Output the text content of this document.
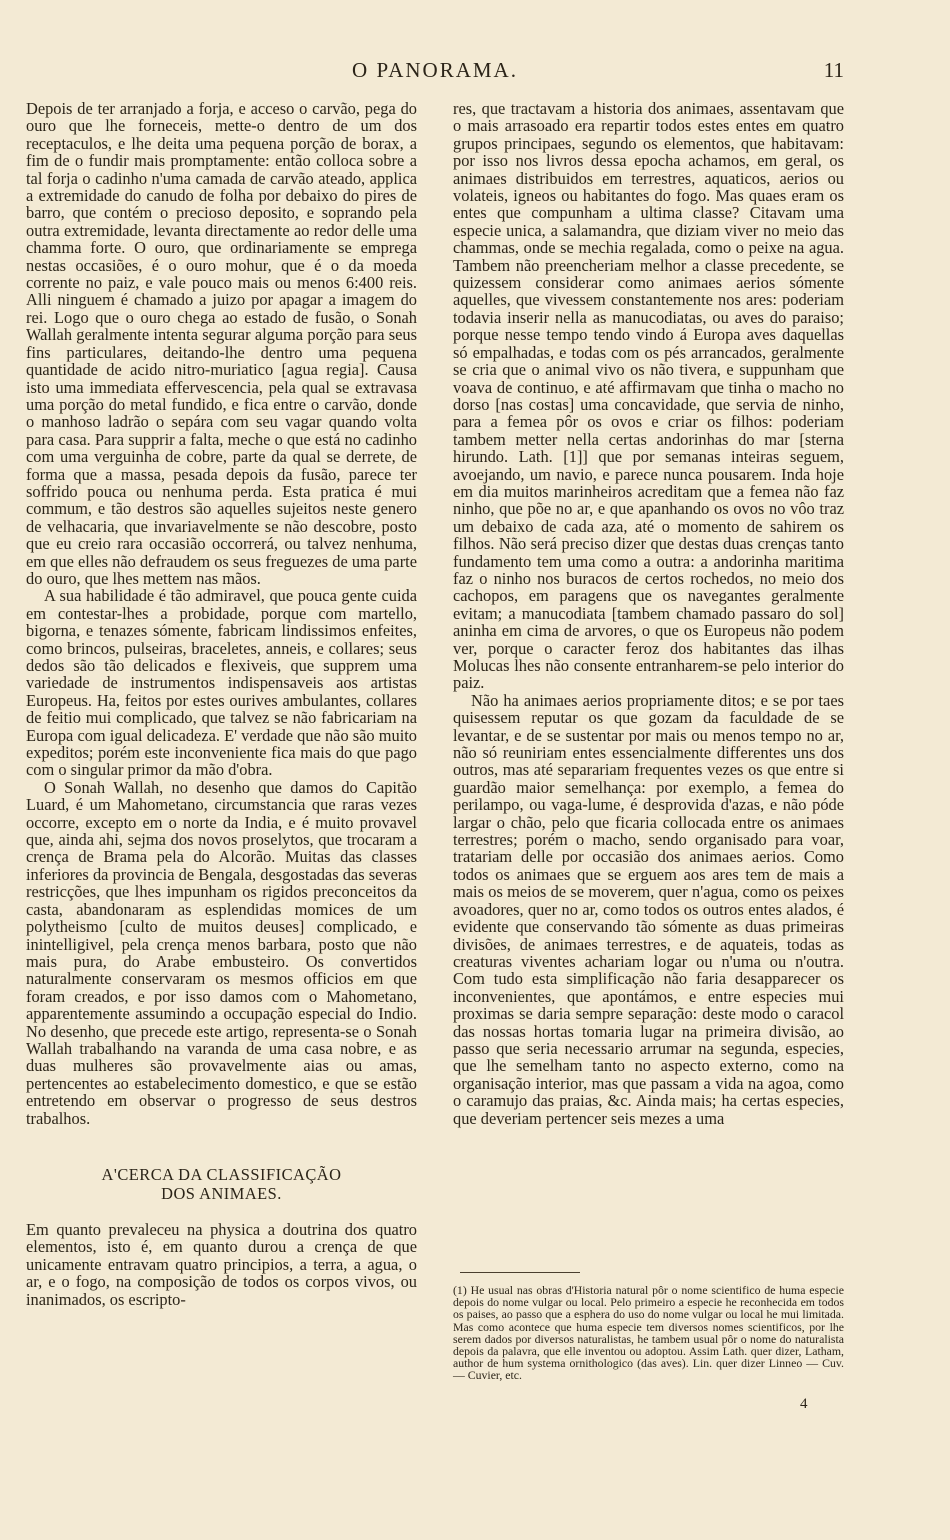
O PANORAMA.	11

Depois de ter arranjado a forja, e acceso o carvão, pega do ouro que lhe forneceis, mette-o dentro de um dos receptaculos, e lhe deita uma pequena porção de borax, a fim de o fundir mais promptamente: então colloca sobre a tal forja o cadinho n'uma camada de carvão ateado, applica a extremidade do canudo de folha por debaixo do pires de barro, que contém o precioso deposito, e soprando pela outra extremidade, levanta directamente ao redor delle uma chamma forte. O ouro, que ordinariamente se emprega nestas occasiões, é o ouro mohur, que é o da moeda corrente no paiz, e vale pouco mais ou menos 6:400 reis. Alli ninguem é chamado a juizo por apagar a imagem do rei. Logo que o ouro chega ao estado de fusão, o Sonah Wallah geralmente intenta segurar alguma porção para seus fins particulares, deitando-lhe dentro uma pequena quantidade de acido nitro-muriatico [agua regia]. Causa isto uma immediata effervescencia, pela qual se extravasa uma porção do metal fundido, e fica entre o carvão, donde o manhoso ladrão o sepára com seu vagar quando volta para casa. Para supprir a falta, meche o que está no cadinho com uma verguinha de cobre, parte da qual se derrete, de forma que a massa, pesada depois da fusão, parece ter soffrido pouca ou nenhuma perda. Esta pratica é mui commum, e tão destros são aquelles sujeitos neste genero de velhacaria, que invariavelmente se não descobre, posto que eu creio rara occasião occorrerá, ou talvez nenhuma, em que elles não defraudem os seus freguezes de uma parte do ouro, que lhes mettem nas mãos.

A sua habilidade é tão admiravel, que pouca gente cuida em contestar-lhes a probidade, porque com martello, bigorna, e tenazes sómente, fabricam lindissimos enfeites, como brincos, pulseiras, braceletes, anneis, e collares; seus dedos são tão delicados e flexiveis, que supprem uma variedade de instrumentos indispensaveis aos artistas Europeus. Ha, feitos por estes ourives ambulantes, collares de feitio mui complicado, que talvez se não fabricariam na Europa com igual delicadeza. E' verdade que não são muito expeditos; porém este inconveniente fica mais do que pago com o singular primor da mão d'obra.

O Sonah Wallah, no desenho que damos do Capitão Luard, é um Mahometano, circumstancia que raras vezes occorre, excepto em o norte da India, e é muito provavel que, ainda ahi, sejma dos novos proselytos, que trocaram a crença de Brama pela do Alcorão. Muitas das classes inferiores da provincia de Bengala, desgostadas das severas restricções, que lhes impunham os rigidos preconceitos da casta, abandonaram as esplendidas momices de um polytheismo [culto de muitos deuses] complicado, e inintelligivel, pela crença menos barbara, posto que não mais pura, do Arabe embusteiro. Os convertidos naturalmente conservaram os mesmos officios em que foram creados, e por isso damos com o Mahometano, apparentemente assumindo a occupação especial do Indio. No desenho, que precede este artigo, representa-se o Sonah Wallah trabalhando na varanda de uma casa nobre, e as duas mulheres são provavelmente aias ou amas, pertencentes ao estabelecimento domestico, e que se estão entretendo em observar o progresso de seus destros trabalhos.

A'CERCA DA CLASSIFICAÇÃO
DOS ANIMAES.

Em quanto prevaleceu na physica a doutrina dos quatro elementos, isto é, em quanto durou a crença de que unicamente entravam quatro principios, a terra, a agua, o ar, e o fogo, na composição de todos os corpos vivos, ou inanimados, os escripto-

res, que tractavam a historia dos animaes, assentavam que o mais arrasoado era repartir todos estes entes em quatro grupos principaes, segundo os elementos, que habitavam: por isso nos livros dessa epocha achamos, em geral, os animaes distribuidos em terrestres, aquaticos, aerios ou volateis, igneos ou habitantes do fogo. Mas quaes eram os entes que compunham a ultima classe? Citavam uma especie unica, a salamandra, que diziam viver no meio das chammas, onde se mechia regalada, como o peixe na agua. Tambem não preencheriam melhor a classe precedente, se quizessem considerar como animaes aerios sómente aquelles, que vivessem constantemente nos ares: poderiam todavia inserir nella as manucodiatas, ou aves do paraiso; porque nesse tempo tendo vindo á Europa aves daquellas só empalhadas, e todas com os pés arrancados, geralmente se cria que o animal vivo os não tivera, e suppunham que voava de continuo, e até affirmavam que tinha o macho no dorso [nas costas] uma concavidade, que servia de ninho, para a femea pôr os ovos e criar os filhos: poderiam tambem metter nella certas andorinhas do mar [sterna hirundo. Lath. [1]] que por semanas inteiras seguem, avoejando, um navio, e parece nunca pousarem. Inda hoje em dia muitos marinheiros acreditam que a femea não faz ninho, que põe no ar, e que apanhando os ovos no vôo traz um debaixo de cada aza, até o momento de sahirem os filhos. Não será preciso dizer que destas duas crenças tanto fundamento tem uma como a outra: a andorinha maritima faz o ninho nos buracos de certos rochedos, no meio dos cachopos, em paragens que os navegantes geralmente evitam; a manucodiata [tambem chamado passaro do sol] aninha em cima de arvores, o que os Europeus não podem ver, porque o caracter feroz dos habitantes das ilhas Molucas lhes não consente entranharem-se pelo interior do paiz.

Não ha animaes aerios propriamente ditos; e se por taes quisessem reputar os que gozam da faculdade de se levantar, e de se sustentar por mais ou menos tempo no ar, não só reuniriam entes essencialmente differentes uns dos outros, mas até separariam frequentes vezes os que entre si guardão maior semelhança: por exemplo, a femea do perilampo, ou vaga-lume, é desprovida d'azas, e não póde largar o chão, pelo que ficaria collocada entre os animaes terrestres; porém o macho, sendo organisado para voar, tratariam delle por occasião dos animaes aerios. Como todos os animaes que se erguem aos ares tem de mais a mais os meios de se moverem, quer n'agua, como os peixes avoadores, quer no ar, como todos os outros entes alados, é evidente que conservando tão sómente as duas primeiras divisões, de animaes terrestres, e de aquateis, todas as creaturas viventes achariam logar ou n'uma ou n'outra. Com tudo esta simplificação não faria desapparecer os inconvenientes, que apontámos, e entre especies mui proximas se daria sempre separação: deste modo o caracol das nossas hortas tomaria lugar na primeira divisão, ao passo que seria necessario arrumar na segunda, especies, que lhe semelham tanto no aspecto externo, como na organisação interior, mas que passam a vida na agoa, como o caramujo das praias, &c. Ainda mais; ha certas especies, que deveriam pertencer seis mezes a uma

(1) He usual nas obras d'Historia natural pôr o nome scientifico de huma especie depois do nome vulgar ou local. Pelo primeiro a especie he reconhecida em todos os paises, ao passo que a esphera do uso do nome vulgar ou local he mui limitada. Mas como acontece que huma especie tem diversos nomes scientificos, por lhe serem dados por diversos naturalistas, he tambem usual pôr o nome do naturalista depois da palavra, que elle inventou ou adoptou. Assim Lath. quer dizer, Latham, author de hum systema ornithologico (das aves). Lin. quer dizer Linneo — Cuv. — Cuvier, etc.
4
